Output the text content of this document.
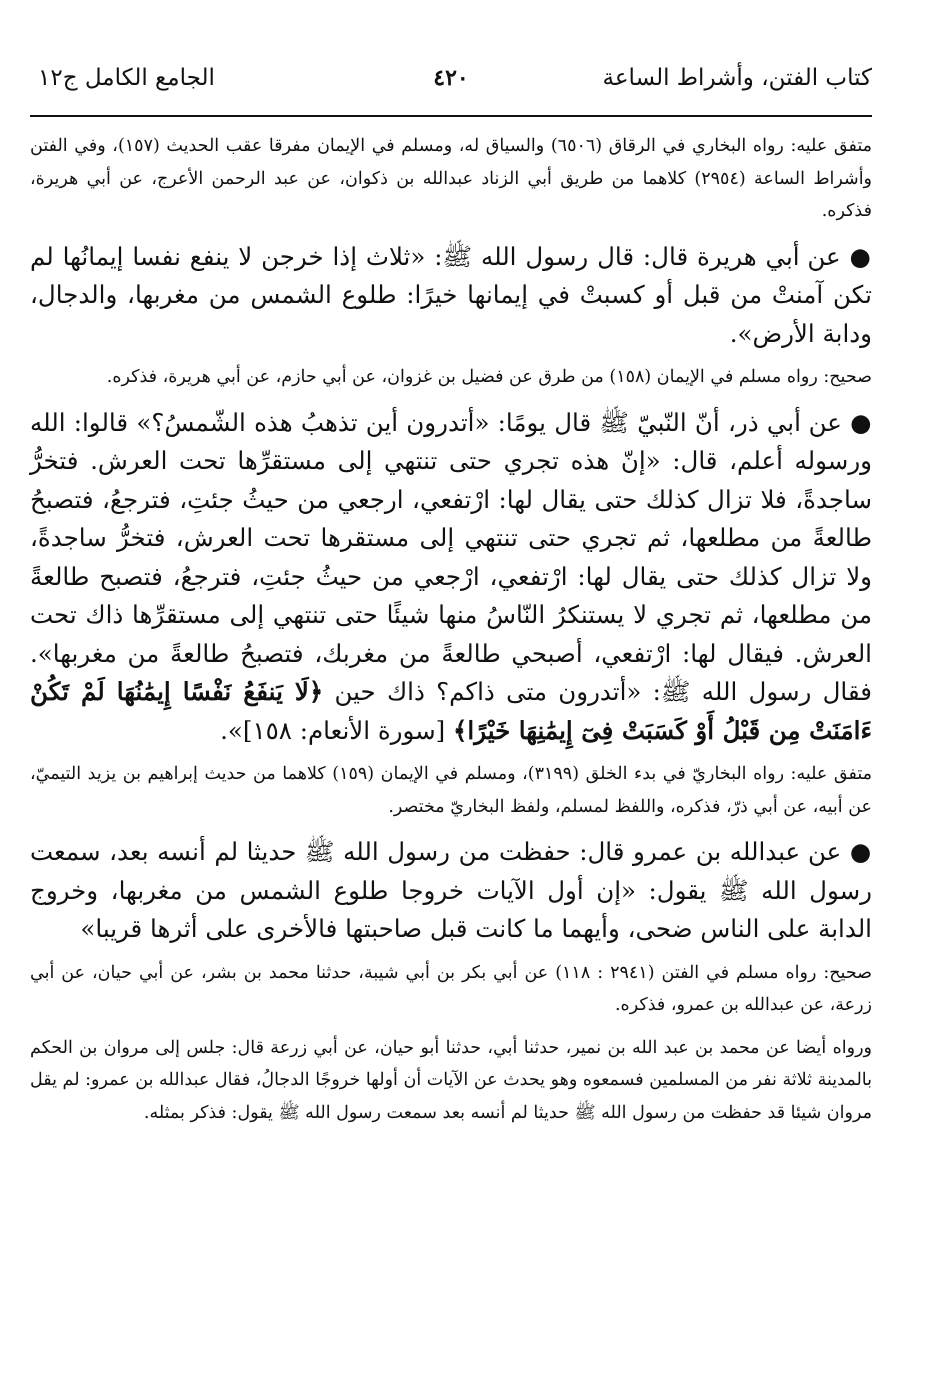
كتاب الفتن، وأشراط الساعة
٤٢٠
الجامع الكامل ج١٢

متفق عليه: رواه البخاري في الرقاق (٦٥٠٦) والسياق له، ومسلم في الإيمان مفرقا عقب الحديث (١٥٧)، وفي الفتن وأشراط الساعة (٢٩٥٤) كلاهما من طريق أبي الزناد عبدالله بن ذكوان، عن عبد الرحمن الأعرج، عن أبي هريرة، فذكره.

● عن أبي هريرة قال: قال رسول الله ﷺ: «ثلاث إذا خرجن لا ينفع نفسا إيمانُها لم تكن آمنتْ من قبل أو كسبتْ في إيمانها خيرًا: طلوع الشمس من مغربها، والدجال، ودابة الأرض».

صحيح: رواه مسلم في الإيمان (١٥٨) من طرق عن فضيل بن غزوان، عن أبي حازم، عن أبي هريرة، فذكره.

● عن أبي ذر، أنّ النّبيّ ﷺ قال يومًا: «أتدرون أين تذهبُ هذه الشّمسُ؟» قالوا: الله ورسوله أعلم، قال: «إنّ هذه تجري حتى تنتهي إلى مستقرِّها تحت العرش. فتخرُّ ساجدةً، فلا تزال كذلك حتى يقال لها: ارْتفعي، ارجعي من حيثُ جئتِ، فترجعُ، فتصبحُ طالعةً من مطلعها، ثم تجري حتى تنتهي إلى مستقرها تحت العرش، فتخرُّ ساجدةً، ولا تزال كذلك حتى يقال لها: ارْتفعي، ارْجعي من حيثُ جئتِ، فترجعُ، فتصبح طالعةً من مطلعها، ثم تجري لا يستنكرُ النّاسُ منها شيئًا حتى تنتهي إلى مستقرِّها ذاك تحت العرش. فيقال لها: ارْتفعي، أصبحي طالعةً من مغربك، فتصبحُ طالعةً من مغربها». فقال رسول الله ﷺ: «أتدرون متى ذاكم؟ ذاك حين ﴿لَا يَنفَعُ نَفْسًا إِيمَٰنُهَا لَمْ تَكُنْ ءَامَنَتْ مِن قَبْلُ أَوْ كَسَبَتْ فِىٓ إِيمَٰنِهَا خَيْرًا﴾ [سورة الأنعام: ١٥٨]».

متفق عليه: رواه البخاريّ في بدء الخلق (٣١٩٩)، ومسلم في الإيمان (١٥٩) كلاهما من حديث إبراهيم بن يزيد التيميّ، عن أبيه، عن أبي ذرّ، فذكره، واللفظ لمسلم، ولفظ البخاريّ مختصر.

● عن عبدالله بن عمرو قال: حفظت من رسول الله ﷺ حديثا لم أنسه بعد، سمعت رسول الله ﷺ يقول: «إن أول الآيات خروجا طلوع الشمس من مغربها، وخروج الدابة على الناس ضحى، وأيهما ما كانت قبل صاحبتها فالأخرى على أثرها قريبا»

صحيح: رواه مسلم في الفتن (٢٩٤١ : ١١٨) عن أبي بكر بن أبي شيبة، حدثنا محمد بن بشر، عن أبي حيان، عن أبي زرعة، عن عبدالله بن عمرو، فذكره.

ورواه أيضا عن محمد بن عبد الله بن نمير، حدثنا أبي، حدثنا أبو حيان، عن أبي زرعة قال: جلس إلى مروان بن الحكم بالمدينة ثلاثة نفر من المسلمين فسمعوه وهو يحدث عن الآيات أن أولها خروجًا الدجالُ، فقال عبدالله بن عمرو: لم يقل مروان شيئا قد حفظت من رسول الله ﷺ حديثا لم أنسه بعد سمعت رسول الله ﷺ يقول: فذكر بمثله.
